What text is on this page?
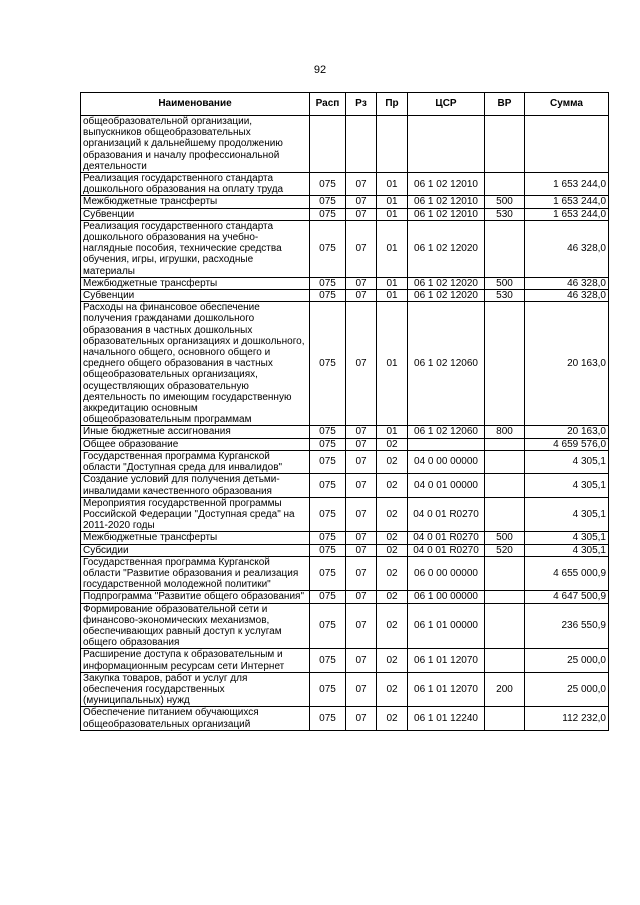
92
Наименование	Расп	Рз	Пр	ЦСР	ВР	Сумма
общеобразовательной организации, выпускников общеобразовательных организаций к дальнейшему продолжению образования и началу профессиональной деятельности						
Реализация государственного стандарта дошкольного образования на оплату труда	075	07	01	06 1 02 12010		1 653 244,0
Межбюджетные трансферты	075	07	01	06 1 02 12010	500	1 653 244,0
Субвенции	075	07	01	06 1 02 12010	530	1 653 244,0
Реализация государственного стандарта дошкольного образования на учебно-наглядные пособия, технические средства обучения, игры, игрушки, расходные материалы	075	07	01	06 1 02 12020		46 328,0
Межбюджетные трансферты	075	07	01	06 1 02 12020	500	46 328,0
Субвенции	075	07	01	06 1 02 12020	530	46 328,0
Расходы на финансовое обеспечение получения гражданами дошкольного образования в частных дошкольных образовательных организациях и дошкольного, начального общего, основного общего и среднего общего образования в частных общеобразовательных организациях, осуществляющих образовательную деятельность по имеющим государственную аккредитацию основным общеобразовательным программам	075	07	01	06 1 02 12060		20 163,0
Иные бюджетные ассигнования	075	07	01	06 1 02 12060	800	20 163,0
Общее образование	075	07	02			4 659 576,0
Государственная программа Курганской области "Доступная среда для инвалидов"	075	07	02	04 0 00 00000		4 305,1
Создание условий для получения детьми-инвалидами качественного образования	075	07	02	04 0 01 00000		4 305,1
Мероприятия государственной программы Российской Федерации "Доступная среда" на 2011-2020 годы	075	07	02	04 0 01 R0270		4 305,1
Межбюджетные трансферты	075	07	02	04 0 01 R0270	500	4 305,1
Субсидии	075	07	02	04 0 01 R0270	520	4 305,1
Государственная программа Курганской области "Развитие образования и реализация государственной молодежной политики"	075	07	02	06 0 00 00000		4 655 000,9
Подпрограмма "Развитие общего образования"	075	07	02	06 1 00 00000		4 647 500,9
Формирование образовательной сети и финансово-экономических механизмов, обеспечивающих равный доступ к услугам общего образования	075	07	02	06 1 01 00000		236 550,9
Расширение доступа к образовательным и информационным ресурсам сети Интернет	075	07	02	06 1 01 12070		25 000,0
Закупка товаров, работ и услуг для обеспечения государственных (муниципальных) нужд	075	07	02	06 1 01 12070	200	25 000,0
Обеспечение питанием обучающихся общеобразовательных организаций	075	07	02	06 1 01 12240		112 232,0
